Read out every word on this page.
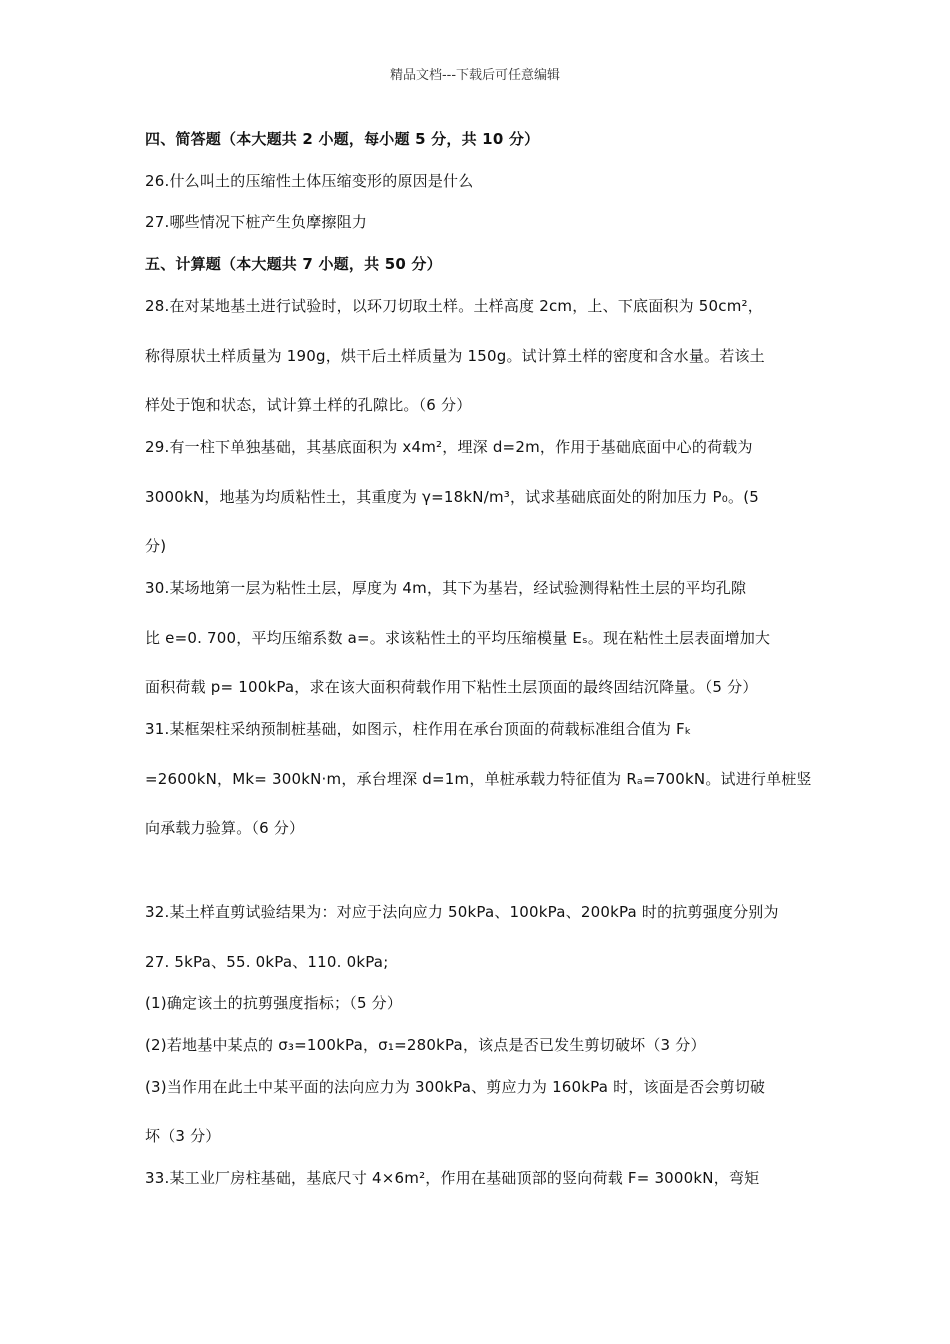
精品文档---下载后可任意编辑
四、简答题（本大题共 2 小题，每小题 5 分，共 10 分）
26.什么叫土的压缩性土体压缩变形的原因是什么
27.哪些情况下桩产生负摩擦阻力
五、计算题（本大题共 7 小题，共 50 分）
28.在对某地基土进行试验时，以环刀切取土样。土样高度 2cm，上、下底面积为 50cm²，
称得原状土样质量为 190g，烘干后土样质量为 150g。试计算土样的密度和含水量。若该土
样处于饱和状态，试计算土样的孔隙比。（6 分）
29.有一柱下单独基础，其基底面积为 x4m²，埋深 d=2m，作用于基础底面中心的荷载为
3000kN，地基为均质粘性土，其重度为 γ=18kN/m³，试求基础底面处的附加压力 P₀。(5
分)
30.某场地第一层为粘性土层，厚度为 4m，其下为基岩，经试验测得粘性土层的平均孔隙
比 e=0. 700，平均压缩系数 a=。求该粘性土的平均压缩模量 Eₛ。现在粘性土层表面增加大
面积荷载 p= 100kPa，求在该大面积荷载作用下粘性土层顶面的最终固结沉降量。（5 分）
31.某框架柱采纳预制桩基础，如图示，柱作用在承台顶面的荷载标准组合值为 Fₖ
=2600kN，Mk= 300kN·m，承台埋深 d=1m，单桩承载力特征值为 Rₐ=700kN。试进行单桩竖
向承载力验算。（6 分）
32.某土样直剪试验结果为：对应于法向应力 50kPa、100kPa、200kPa 时的抗剪强度分别为
27. 5kPa、55. 0kPa、110. 0kPa;
(1)确定该土的抗剪强度指标；（5 分）
(2)若地基中某点的 σ₃=100kPa，σ₁=280kPa，该点是否已发生剪切破坏（3 分）
(3)当作用在此土中某平面的法向应力为 300kPa、剪应力为 160kPa 时，该面是否会剪切破
坏（3 分）
33.某工业厂房柱基础，基底尺寸 4×6m²，作用在基础顶部的竖向荷载 F= 3000kN，弯矩
